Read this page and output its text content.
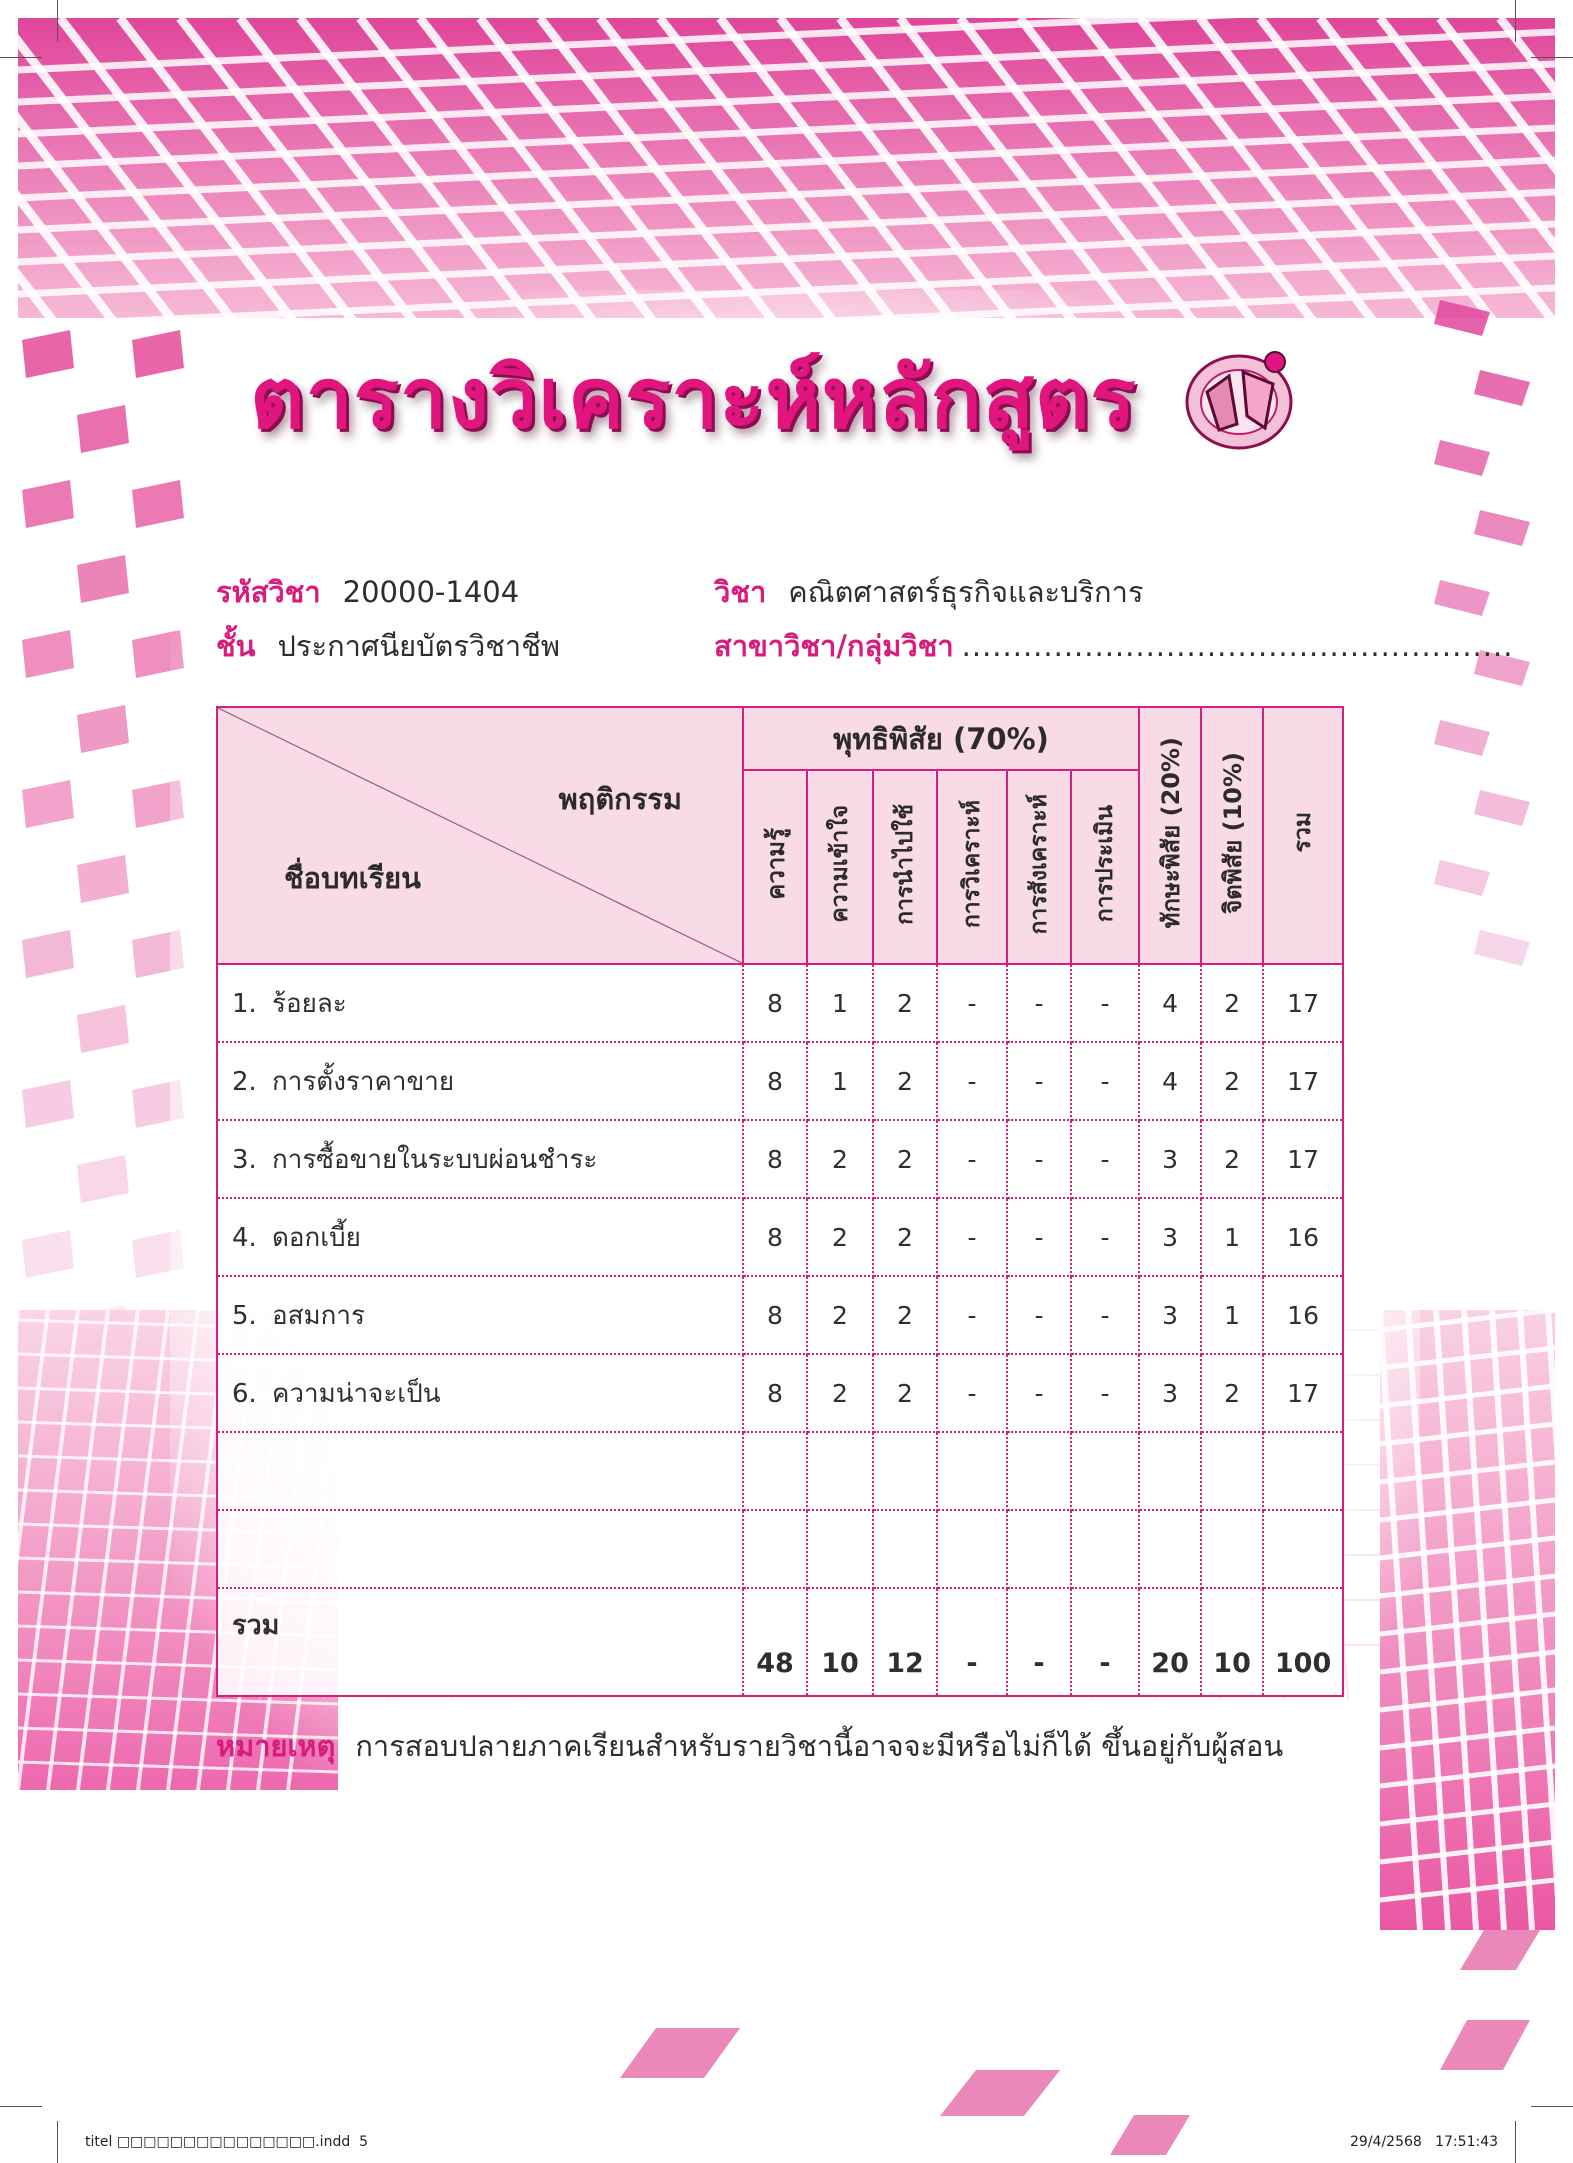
ตารางวิเคราะห์หลักสูตร
รหัสวิชา 20000-1404	วิชา คณิตศาสตร์ธุรกิจและบริการ
ชั้น ประกาศนียบัตรวิชาชีพ	สาขาวิชา/กลุ่มวิชา ......................................................
พฤติกรรม
ชื่อบทเรียน	พุทธิพิสัย (70%)						ทักษะพิสัย (20%)	จิตพิสัย (10%)	รวม
	ความรู้	ความเข้าใจ	การนำไปใช้	การวิเคราะห์	การสังเคราะห์	การประเมิน			
1. ร้อยละ	8	1	2	-	-	-	4	2	17
2. การตั้งราคาขาย	8	1	2	-	-	-	4	2	17
3. การซื้อขายในระบบผ่อนชำระ	8	2	2	-	-	-	3	2	17
4. ดอกเบี้ย	8	2	2	-	-	-	3	1	16
5. อสมการ	8	2	2	-	-	-	3	1	16
6. ความน่าจะเป็น	8	2	2	-	-	-	3	2	17

รวม	48	10	12	-	-	-	20	10	100
หมายเหตุ การสอบปลายภาคเรียนสำหรับรายวิชานี้อาจจะมีหรือไม่ก็ได้ ขึ้นอยู่กับผู้สอน
titel □□□□□□□□□□□□□□□.indd 5	29/4/2568   17:51:43
